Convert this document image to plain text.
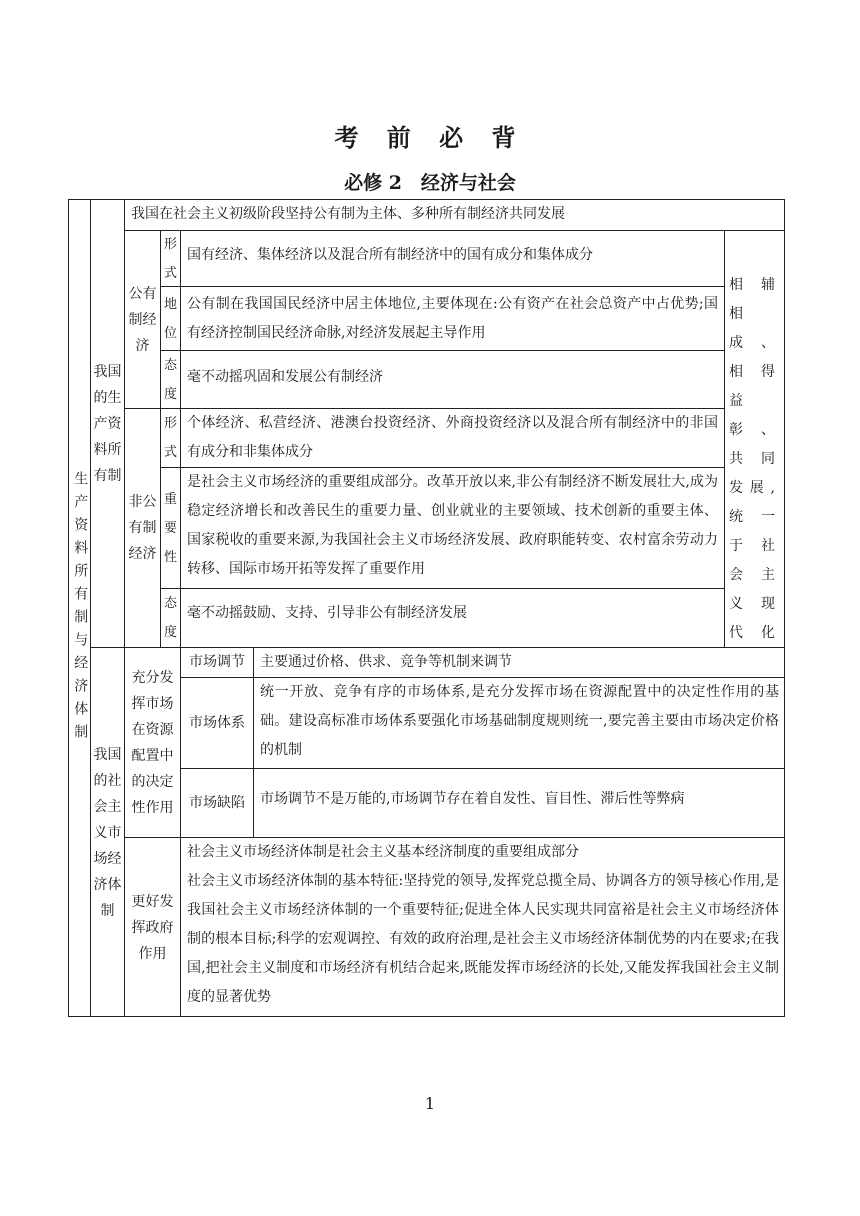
考 前 必 背
必修 2　经济与社会
生产资料所有制与经济体制
我国的生产资料所有制
我国在社会主义初级阶段坚持公有制为主体、多种所有制经济共同发展
公有制经济
形式
地位
态度
国有经济、集体经济以及混合所有制经济中的国有成分和集体成分
公有制在我国国民经济中居主体地位,主要体现在:公有资产在社会总资产中占优势;国有经济控制国民经济命脉,对经济发展起主导作用
毫不动摇巩固和发展公有制经济
非公有制经济
形式
重要性
态度
个体经济、私营经济、港澳台投资经济、外商投资经济以及混合所有制经济中的非国有成分和非集体成分
是社会主义市场经济的重要组成部分。改革开放以来,非公有制经济不断发展壮大,成为稳定经济增长和改善民生的重要力量、创业就业的主要领域、技术创新的重要主体、国家税收的重要来源,为我国社会主义市场经济发展、政府职能转变、农村富余劳动力转移、国际市场开拓等发挥了重要作用
毫不动摇鼓励、支持、引导非公有制经济发展
相辅相成、相得益彰、共同发展,统一于社会主义现代化
我国的社会主义市场经济体制
充分发挥市场在资源配置中的决定性作用
市场调节	主要通过价格、供求、竞争等机制来调节
市场体系
统一开放、竞争有序的市场体系,是充分发挥市场在资源配置中的决定性作用的基础。建设高标准市场体系要强化市场基础制度规则统一,要完善主要由市场决定价格的机制
市场缺陷	市场调节不是万能的,市场调节存在着自发性、盲目性、滞后性等弊病
更好发挥政府作用
社会主义市场经济体制是社会主义基本经济制度的重要组成部分
社会主义市场经济体制的基本特征:坚持党的领导,发挥党总揽全局、协调各方的领导核心作用,是我国社会主义市场经济体制的一个重要特征;促进全体人民实现共同富裕是社会主义市场经济体制的根本目标;科学的宏观调控、有效的政府治理,是社会主义市场经济体制优势的内在要求;在我国,把社会主义制度和市场经济有机结合起来,既能发挥市场经济的长处,又能发挥我国社会主义制度的显著优势
1
